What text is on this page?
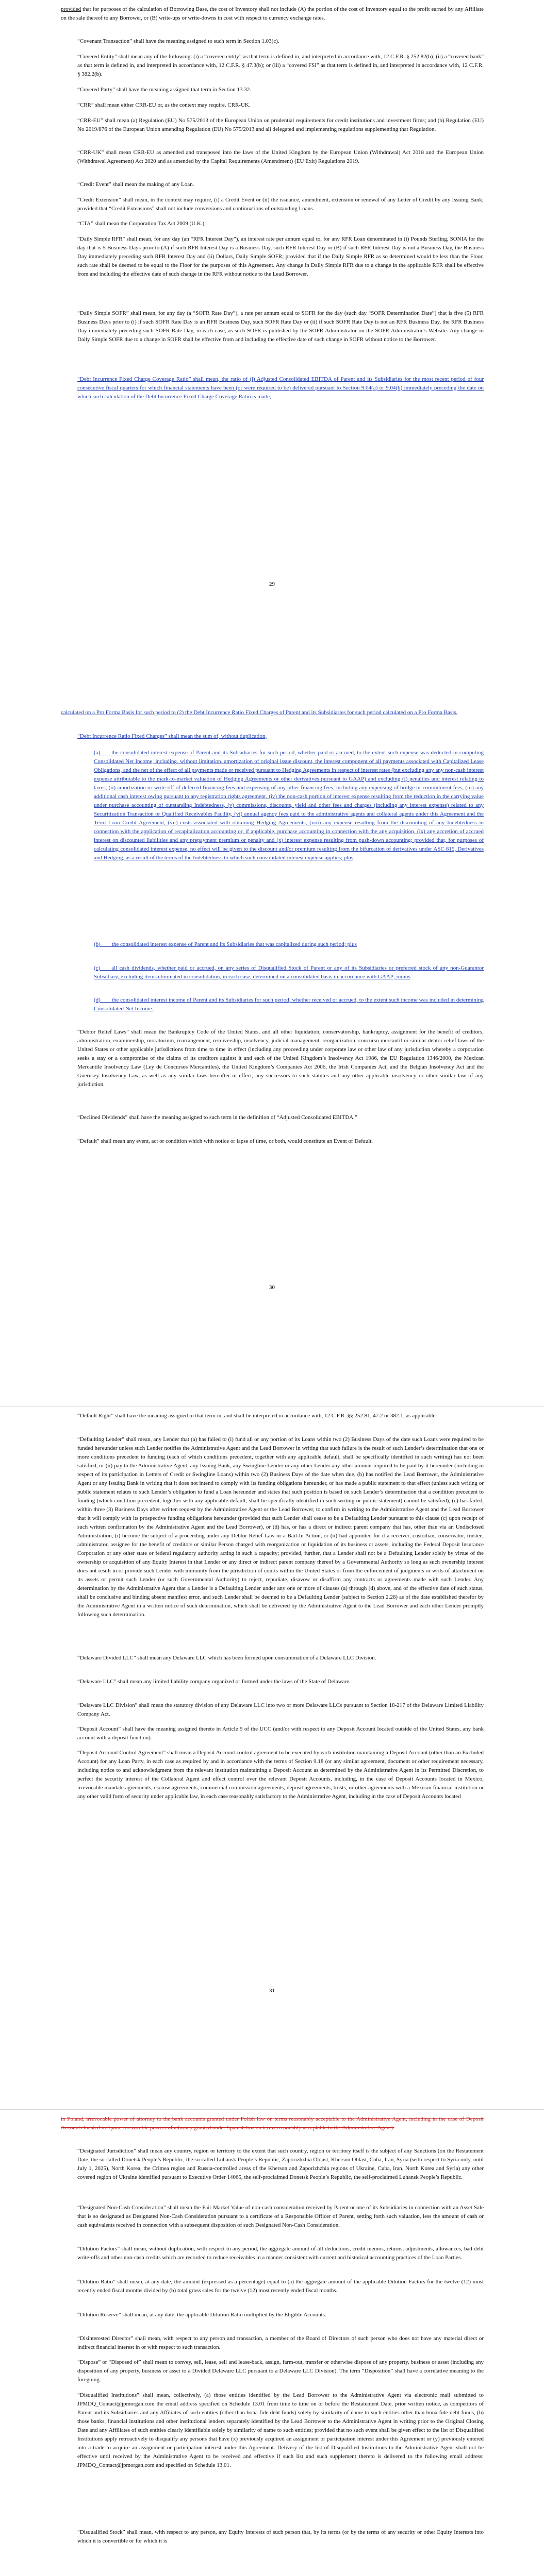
provided that for purposes of the calculation of Borrowing Base, the cost of Inventory shall not include (A) the portion of the cost of Inventory equal to the profit earned by any Affiliate on the sale thereof to any Borrower, or (B) write-ups or write-downs in cost with respect to currency exchange rates.

“Covenant Transaction” shall have the meaning assigned to such term in Section 1.03(c).

“Covered Entity” shall mean any of the following: (i) a “covered entity” as that term is defined in, and interpreted in accordance with, 12 C.F.R. § 252.82(b); (ii) a “covered bank” as that term is defined in, and interpreted in accordance with, 12 C.F.R. § 47.3(b); or (iii) a “covered FSI” as that term is defined in, and interpreted in accordance with, 12 C.F.R. § 382.2(b).

“Covered Party” shall have the meaning assigned that term in Section 13.32.

“CRR” shall mean either CRR-EU or, as the context may require, CRR-UK.

“CRR-EU” shall mean (a) Regulation (EU) No 575/2013 of the European Union on prudential requirements for credit institutions and investment firms; and (b) Regulation (EU) No 2019/876 of the European Union amending Regulation (EU) No 575/2013 and all delegated and implementing regulations supplementing that Regulation.

“CRR-UK” shall mean CRR-EU as amended and transposed into the laws of the United Kingdom by the European Union (Withdrawal) Act 2018 and the European Union (Withdrawal Agreement) Act 2020 and as amended by the Capital Requirements (Amendment) (EU Exit) Regulations 2019.

“Credit Event” shall mean the making of any Loan.

“Credit Extension” shall mean, in the context may require, (i) a Credit Event or (ii) the issuance, amendment, extension or renewal of any Letter of Credit by any Issuing Bank; provided that “Credit Extensions” shall not include conversions and continuations of outstanding Loans.

“CTA” shall mean the Corporation Tax Act 2009 (U.K.).

“Daily Simple RFR” shall mean, for any day (an “RFR Interest Day”), an interest rate per annum equal to, for any RFR Loan denominated in (i) Pounds Sterling, SONIA for the day that is 5 Business Days prior to (A) if such RFR Interest Day is a Business Day, such RFR Interest Day or (B) if such RFR Interest Day is not a Business Day, the Business Day immediately preceding such RFR Interest Day and (ii) Dollars, Daily Simple SOFR; provided that if the Daily Simple RFR as so determined would be less than the Floor, such rate shall be deemed to be equal to the Floor for the purposes of this Agreement. Any change in Daily Simple RFR due to a change in the applicable RFR shall be effective from and including the effective date of such change in the RFR without notice to the Lead Borrower.

“Daily Simple SOFR” shall mean, for any day (a “SOFR Rate Day”), a rate per annum equal to SOFR for the day (such day “SOFR Determination Date”) that is five (5) RFR Business Days prior to (i) if such SOFR Rate Day is an RFR Business Day, such SOFR Rate Day or (ii) if such SOFR Rate Day is not an RFR Business Day, the RFR Business Day immediately preceding such SOFR Rate Day, in each case, as such SOFR is published by the SOFR Administrator on the SOFR Administrator’s Website. Any change in Daily Simple SOFR due to a change in SOFR shall be effective from and including the effective date of such change in SOFR without notice to the Borrower.

“Debt Incurrence Fixed Charge Coverage Ratio” shall mean, the ratio of (i) Adjusted Consolidated EBITDA of Parent and its Subsidiaries for the most recent period of four consecutive fiscal quarters for which financial statements have been (or were required to be) delivered pursuant to Section 9.04(a) or 9.04(b) immediately preceding the date on which such calculation of the Debt Incurrence Fixed Charge Coverage Ratio is made,

29

calculated on a Pro Forma Basis for such period to (2) the Debt Incurrence Ratio Fixed Charges of Parent and its Subsidiaries for such period calculated on a Pro Forma Basis.

“Debt Incurrence Ratio Fixed Charges” shall mean the sum of, without duplication,

(a)  the consolidated interest expense of Parent and its Subsidiaries for such period, whether paid or accrued, to the extent such expense was deducted in computing Consolidated Net Income, including, without limitation, amortization of original issue discount, the interest component of all payments associated with Capitalized Lease Obligations, and the net of the effect of all payments made or received pursuant to Hedging Agreements in respect of interest rates (but excluding any any non-cash interest expense attributable to the mark-to-market valuation of Hedging Agreements or other derivatives pursuant to GAAP) and excluding (i) penalties and interest relating to taxes, (ii) amortization or write-off of deferred financing fees and expensing of any other financing fees, including any expensing of bridge or commitment fees, (iii) any additional cash interest owing pursuant to any registration rights agreement, (iv) the non-cash portion of interest expense resulting from the reduction in the carrying value under purchase accounting of outstanding Indebtedness, (v) commissions, discounts, yield and other fees and charges (including any interest expense) related to any Securitization Transaction or Qualified Receivables Facility, (vi) annual agency fees paid to the administrative agents and collateral agents under this Agreement and the Term Loan Credit Agreement, (vii) costs associated with obtaining Hedging Agreements, (viii) any expense resulting from the discounting of any Indebtedness in connection with the application of recapitalization accounting or, if applicable, purchase accounting in connection with the any acquisition, (ix) any accretion of accrued interest on discounted liabilities and any prepayment premium or penalty and (x) interest expense resulting from push-down accounting; provided that, for purposes of calculating consolidated interest expense, no effect will be given to the discount and/or premium resulting from the bifurcation of derivatives under ASC 815, Derivatives and Hedging, as a result of the terms of the Indebtedness to which such consolidated interest expense applies; plus

(b)  the consolidated interest expense of Parent and its Subsidiaries that was capitalized during such period; plus

(c)  all cash dividends, whether paid or accrued, on any series of Disqualified Stock of Parent or any of its Subsidiaries or preferred stock of any non-Guarantor Subsidiary, excluding items eliminated in consolidation, in each case, determined on a consolidated basis in accordance with GAAP; minus

(d)  the consolidated interest income of Parent and its Subsidiaries for such period, whether received or accrued, to the extent such income was included in determining Consolidated Net Income.

“Debtor Relief Laws” shall mean the Bankruptcy Code of the United States, and all other liquidation, conservatorship, bankruptcy, assignment for the benefit of creditors, administration, examinership, moratorium, rearrangement, receivership, insolvency, judicial management, reorganization, concurso mercantil or similar debtor relief laws of the United States or other applicable jurisdictions from time to time in effect (including any proceeding under corporate law or other law of any jurisdiction whereby a corporation seeks a stay or a compromise of the claims of its creditors against it and each of the United Kingdom’s Insolvency Act 1986, the EU Regulation 1346/2000, the Mexican Mercantile Insolvency Law (Ley de Concursos Mercantiles), the United Kingdom’s Companies Act 2006, the Irish Companies Act, and the Belgian Insolvency Act and the Guernsey Insolvency Law, as well as any similar laws hereafter in effect, any successors to such statutes and any other applicable insolvency or other similar law of any jurisdiction.

“Declined Dividends” shall have the meaning assigned to such term in the definition of “Adjusted Consolidated EBITDA.”

“Default” shall mean any event, act or condition which with notice or lapse of time, or both, would constitute an Event of Default.

30

“Default Right” shall have the meaning assigned to that term in, and shall be interpreted in accordance with, 12 C.F.R. §§ 252.81, 47.2 or 382.1, as applicable.

“Defaulting Lender” shall mean, any Lender that (a) has failed to (i) fund all or any portion of its Loans within two (2) Business Days of the date such Loans were required to be funded hereunder unless such Lender notifies the Administrative Agent and the Lead Borrower in writing that such failure is the result of such Lender’s determination that one or more conditions precedent to funding (each of which conditions precedent, together with any applicable default, shall be specifically identified in such writing) has not been satisfied, or (ii) pay to the Administrative Agent, any Issuing Bank, any Swingline Lender or any other Lender any other amount required to be paid by it hereunder (including in respect of its participation in Letters of Credit or Swingline Loans) within two (2) Business Days of the date when due, (b) has notified the Lead Borrower, the Administrative Agent or any Issuing Bank in writing that it does not intend to comply with its funding obligations hereunder, or has made a public statement to that effect (unless such writing or public statement relates to such Lender’s obligation to fund a Loan hereunder and states that such position is based on such Lender’s determination that a condition precedent to funding (which condition precedent, together with any applicable default, shall be specifically identified in such writing or public statement) cannot be satisfied), (c) has failed, within three (3) Business Days after written request by the Administrative Agent or the Lead Borrower, to confirm in writing to the Administrative Agent and the Lead Borrower that it will comply with its prospective funding obligations hereunder (provided that such Lender shall cease to be a Defaulting Lender pursuant to this clause (c) upon receipt of such written confirmation by the Administrative Agent and the Lead Borrower), or (d) has, or has a direct or indirect parent company that has, other than via an Undisclosed Administration, (i) become the subject of a proceeding under any Debtor Relief Law or a Bail-In Action, or (ii) had appointed for it a receiver, custodian, conservator, trustee, administrator, assignee for the benefit of creditors or similar Person charged with reorganization or liquidation of its business or assets, including the Federal Deposit Insurance Corporation or any other state or federal regulatory authority acting in such a capacity; provided, further, that a Lender shall not be a Defaulting Lender solely by virtue of the ownership or acquisition of any Equity Interest in that Lender or any direct or indirect parent company thereof by a Governmental Authority so long as such ownership interest does not result in or provide such Lender with immunity from the jurisdiction of courts within the United States or from the enforcement of judgments or writs of attachment on its assets or permit such Lender (or such Governmental Authority) to reject, repudiate, disavow or disaffirm any contracts or agreements made with such Lender. Any determination by the Administrative Agent that a Lender is a Defaulting Lender under any one or more of clauses (a) through (d) above, and of the effective date of such status, shall be conclusive and binding absent manifest error, and such Lender shall be deemed to be a Defaulting Lender (subject to Section 2.26) as of the date established therefor by the Administrative Agent in a written notice of such determination, which shall be delivered by the Administrative Agent to the Lead Borrower and each other Lender promptly following such determination.

“Delaware Divided LLC” shall mean any Delaware LLC which has been formed upon consummation of a Delaware LLC Division.

“Delaware LLC” shall mean any limited liability company organized or formed under the laws of the State of Delaware.

“Delaware LLC Division” shall mean the statutory division of any Delaware LLC into two or more Delaware LLCs pursuant to Section 18-217 of the Delaware Limited Liability Company Act.

“Deposit Account” shall have the meaning assigned thereto in Article 9 of the UCC (and/or with respect to any Deposit Account located outside of the United States, any bank account with a deposit function).

“Deposit Account Control Agreement” shall mean a Deposit Account control agreement to be executed by each institution maintaining a Deposit Account (other than an Excluded Account) for any Loan Party, in each case as required by and in accordance with the terms of Section 9.18 (or any similar agreement, document or other requirement necessary, including notice to and acknowledgment from the relevant institution maintaining a Deposit Account as determined by the Administrative Agent in its Permitted Discretion, to perfect the security interest of the Collateral Agent and effect control over the relevant Deposit Accounts, including, in the case of Deposit Accounts located in Mexico, irrevocable mandate agreements, escrow agreements, commercial commission agreements, deposit agreements, trusts, or other agreements with a Mexican financial institution or any other valid form of security under applicable law, in each case reasonably satisfactory to the Administrative Agent, including in the case of Deposit Accounts located

31

in Poland, irrevocable power of attorney to the bank accounts granted under Polish law on terms reasonably acceptable to the Administrative Agent, including in the case of Deposit Accounts located in Spain, irrevocable powers of attorney granted under Spanish law on terms reasonably acceptable to the Administrative Agent).

“Designated Jurisdiction” shall mean any country, region or territory to the extent that such country, region or territory itself is the subject of any Sanctions (on the Restatement Date, the so-called Donetsk People’s Republic, the so-called Luhansk People’s Republic, Zaporizhzhia Oblast, Kherson Oblast, Cuba, Iran, Syria (with respect to Syria only, until July 1, 2025), North Korea, the Crimea region and Russia-controlled areas of the Kherson and Zaporizhzhia regions of Ukraine, Cuba, Iran, North Korea and Syria) any other covered region of Ukraine identified pursuant to Executive Order 14065, the self-proclaimed Donetsk People’s Republic, the self-proclaimed Luhansk People’s Republic.

“Designated Non-Cash Consideration” shall mean the Fair Market Value of non-cash consideration received by Parent or one of its Subsidiaries in connection with an Asset Sale that is so designated as Designated Non-Cash Consideration pursuant to a certificate of a Responsible Officer of Parent, setting forth such valuation, less the amount of cash or cash equivalents received in connection with a subsequent disposition of such Designated Non-Cash Consideration.

“Dilution Factors” shall mean, without duplication, with respect to any period, the aggregate amount of all deductions, credit memos, returns, adjustments, allowances, bad debt write-offs and other non-cash credits which are recorded to reduce receivables in a manner consistent with current and historical accounting practices of the Loan Parties.

“Dilution Ratio” shall mean, at any date, the amount (expressed as a percentage) equal to (a) the aggregate amount of the applicable Dilution Factors for the twelve (12) most recently ended fiscal months divided by (b) total gross sales for the twelve (12) most recently ended fiscal months.

“Dilution Reserve” shall mean, at any date, the applicable Dilution Ratio multiplied by the Eligible Accounts.

“Disinterested Director” shall mean, with respect to any person and transaction, a member of the Board of Directors of such person who does not have any material direct or indirect financial interest in or with respect to such transaction.

“Dispose” or “Disposed of” shall mean to convey, sell, lease, sell and lease-back, assign, farm-out, transfer or otherwise dispose of any property, business or asset (including any disposition of any property, business or asset to a Divided Delaware LLC pursuant to a Delaware LLC Division). The term “Disposition” shall have a correlative meaning to the foregoing.

“Disqualified Institutions” shall mean, collectively, (a) those entities identified by the Lead Borrower to the Administrative Agent via electronic mail submitted to JPMDQ_Contact@jpmorgan.com the email address specified on Schedule 13.01 from time to time on or before the Restatement Date, prior written notice, as competitors of Parent and its Subsidiaries and any Affiliates of such entities (other than bona fide debt funds) solely by similarity of name to such entities other than bona fide debt funds, (b) those banks, financial institutions and other institutional lenders separately identified by the Lead Borrower to the Administrative Agent in writing prior to the Original Closing Date and any Affiliates of such entities clearly identifiable solely by similarity of name to such entities; provided that no such event shall be given effect to the list of Disqualified Institutions apply retroactively to disqualify any persons that have (x) previously acquired an assignment or participation interest under this Agreement or (y) previously entered into a trade to acquire an assignment or participation interest under this Agreement. Delivery of the list of Disqualified Institutions to the Administrative Agent shall not be effective until received by the Administrative Agent to be received and effective if such list and such supplement thereto is delivered to the following email address: JPMDQ_Contact@jpmorgan.com and specified on Schedule 13.01.

“Disqualified Stock” shall mean, with respect to any person, any Equity Interests of such person that, by its terms (or by the terms of any security or other Equity Interests into which it is convertible or for which it is
